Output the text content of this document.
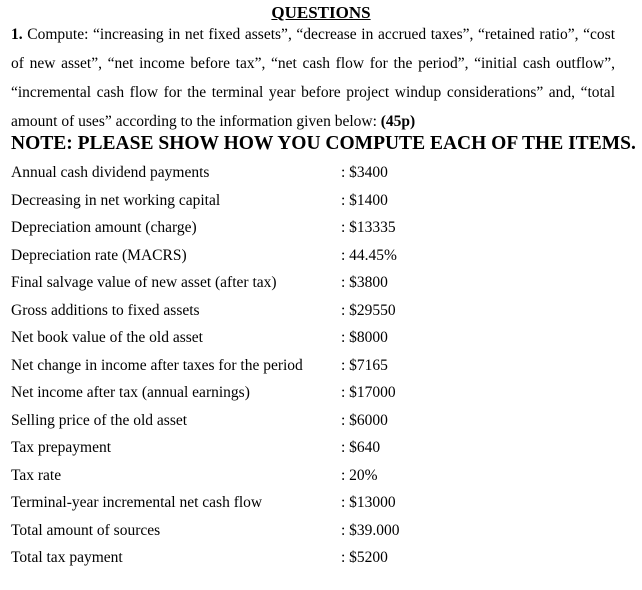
QUESTIONS

1. Compute: “increasing in net fixed assets”, “decrease in accrued taxes”, “retained ratio”, “cost of new asset”, “net income before tax”, “net cash flow for the period”, “initial cash outflow”, “incremental cash flow for the terminal year before project windup considerations” and, “total amount of uses” according to the information given below: (45p)

NOTE: PLEASE SHOW HOW YOU COMPUTE EACH OF THE ITEMS.
Annual cash dividend payments	: $3400
Decreasing in net working capital	: $1400
Depreciation amount (charge)	: $13335
Depreciation rate (MACRS)	: 44.45%
Final salvage value of new asset (after tax)	: $3800
Gross additions to fixed assets	: $29550
Net book value of the old asset	: $8000
Net change in income after taxes for the period : $7165
Net income after tax (annual earnings)	: $17000
Selling price of the old asset	: $6000
Tax prepayment	: $640
Tax rate	: 20%
Terminal-year incremental net cash flow	: $13000
Total amount of sources	: $39.000
Total tax payment	: $5200
